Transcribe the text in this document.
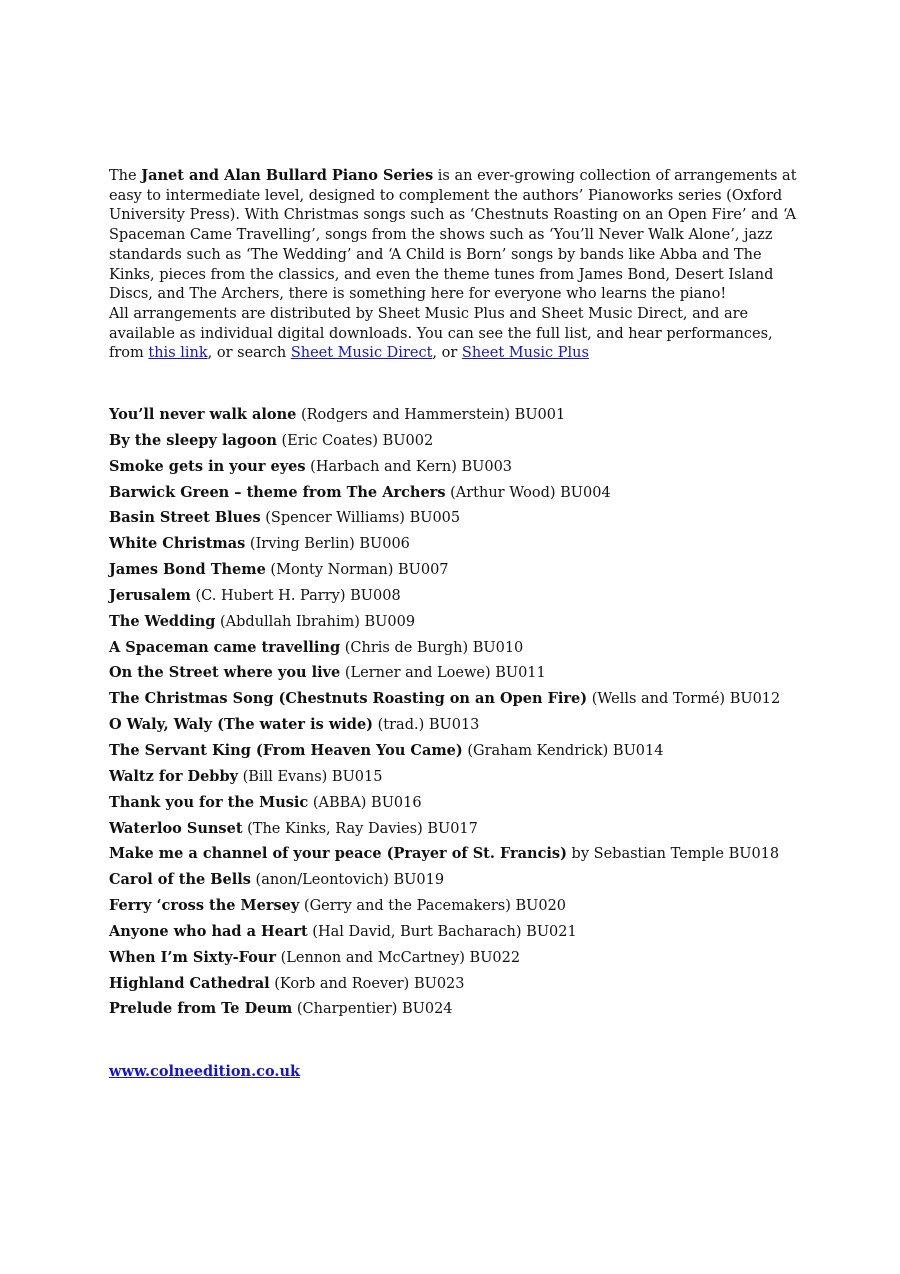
The Janet and Alan Bullard Piano Series is an ever-growing collection of arrangements at easy to intermediate level, designed to complement the authors’ Pianoworks series (Oxford University Press). With Christmas songs such as ‘Chestnuts Roasting on an Open Fire’ and ‘A Spaceman Came Travelling’, songs from the shows such as ‘You’ll Never Walk Alone’, jazz standards such as ‘The Wedding’ and ‘A Child is Born’ songs by bands like Abba and The Kinks, pieces from the classics, and even the theme tunes from James Bond, Desert Island Discs, and The Archers, there is something here for everyone who learns the piano!

All arrangements are distributed by Sheet Music Plus and Sheet Music Direct, and are available as individual digital downloads. You can see the full list, and hear performances, from this link, or search Sheet Music Direct, or Sheet Music Plus

You’ll never walk alone (Rodgers and Hammerstein) BU001
By the sleepy lagoon (Eric Coates) BU002
Smoke gets in your eyes (Harbach and Kern) BU003
Barwick Green – theme from The Archers (Arthur Wood) BU004
Basin Street Blues (Spencer Williams) BU005
White Christmas (Irving Berlin) BU006
James Bond Theme (Monty Norman) BU007
Jerusalem (C. Hubert H. Parry) BU008
The Wedding (Abdullah Ibrahim) BU009
A Spaceman came travelling (Chris de Burgh) BU010
On the Street where you live (Lerner and Loewe) BU011
The Christmas Song (Chestnuts Roasting on an Open Fire) (Wells and Tormé) BU012
O Waly, Waly (The water is wide) (trad.) BU013
The Servant King (From Heaven You Came) (Graham Kendrick) BU014
Waltz for Debby (Bill Evans) BU015
Thank you for the Music (ABBA) BU016
Waterloo Sunset (The Kinks, Ray Davies) BU017
Make me a channel of your peace (Prayer of St. Francis) by Sebastian Temple BU018
Carol of the Bells (anon/Leontovich) BU019
Ferry ‘cross the Mersey (Gerry and the Pacemakers) BU020
Anyone who had a Heart (Hal David, Burt Bacharach) BU021
When I’m Sixty-Four (Lennon and McCartney) BU022
Highland Cathedral (Korb and Roever) BU023
Prelude from Te Deum (Charpentier) BU024
www.colneedition.co.uk
